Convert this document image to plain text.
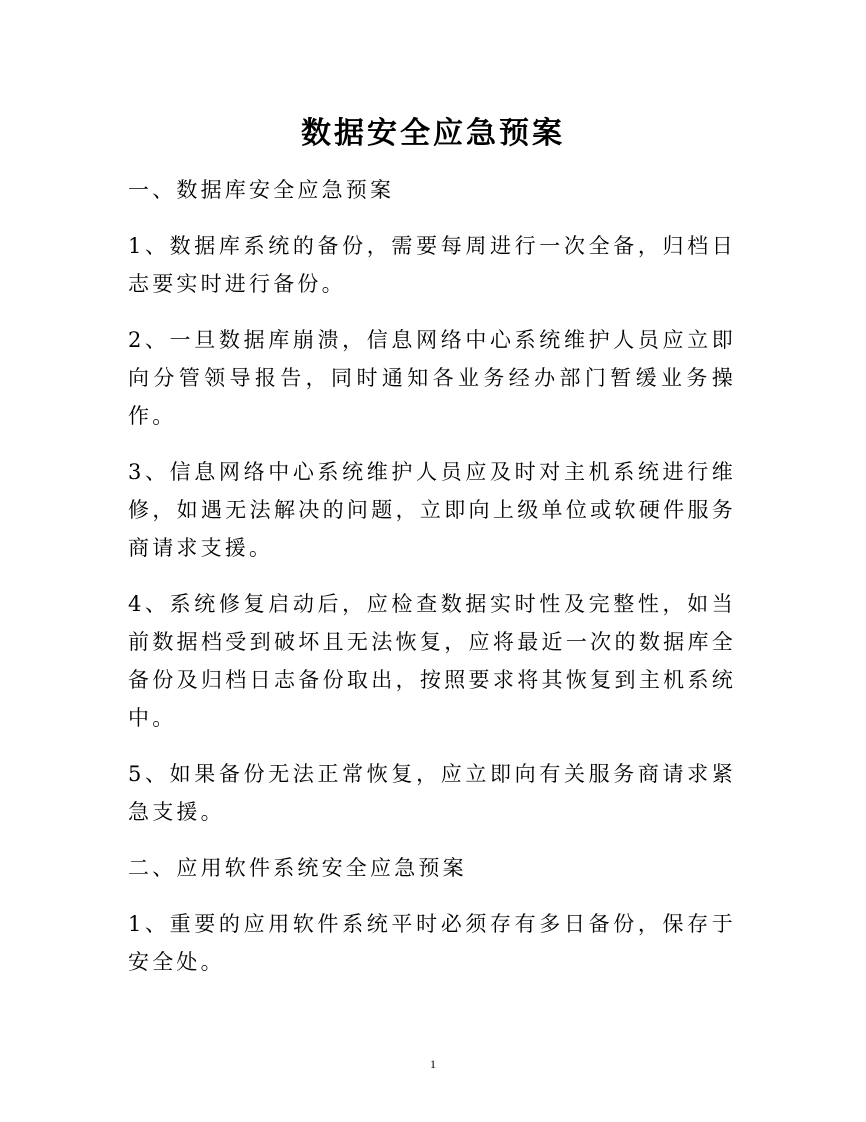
数据安全应急预案

一、数据库安全应急预案

1、数据库系统的备份，需要每周进行一次全备，归档日志要实时进行备份。

2、一旦数据库崩溃，信息网络中心系统维护人员应立即向分管领导报告，同时通知各业务经办部门暂缓业务操作。

3、信息网络中心系统维护人员应及时对主机系统进行维修，如遇无法解决的问题，立即向上级单位或软硬件服务商请求支援。

4、系统修复启动后，应检查数据实时性及完整性，如当前数据档受到破坏且无法恢复，应将最近一次的数据库全备份及归档日志备份取出，按照要求将其恢复到主机系统中。

5、如果备份无法正常恢复，应立即向有关服务商请求紧急支援。

二、应用软件系统安全应急预案

1、重要的应用软件系统平时必须存有多日备份，保存于安全处。

1
